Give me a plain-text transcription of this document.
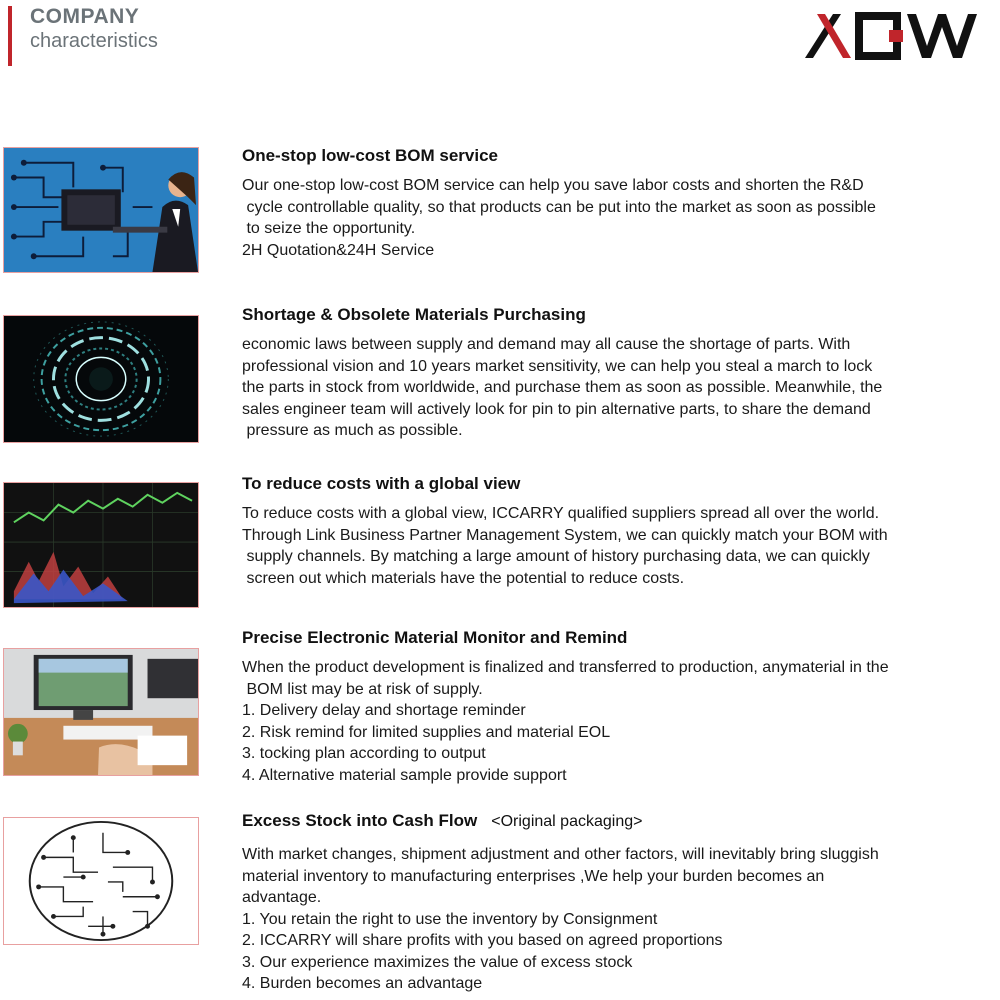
COMPANY
characteristics
One-stop low-cost BOM service
Our one-stop low-cost BOM service can help you save labor costs and shorten the R&D
cycle controllable quality, so that products can be put into the market as soon as possible
to seize the opportunity.
2H Quotation&24H Service
Shortage & Obsolete Materials Purchasing
economic laws between supply and demand may all cause the shortage of parts. With
professional vision and 10 years market sensitivity, we can help you steal a march to lock
the parts in stock from worldwide, and purchase them as soon as possible. Meanwhile, the
sales engineer team will actively look for pin to pin alternative parts, to share the demand
pressure as much as possible.
To reduce costs with a global view
To reduce costs with a global view, ICCARRY qualified suppliers spread all over the world.
Through Link Business Partner Management System, we can quickly match your BOM with
supply channels. By matching a large amount of history purchasing data, we can quickly
screen out which materials have the potential to reduce costs.
Precise Electronic Material Monitor and Remind
When the product development is finalized and transferred to production, anymaterial in the
BOM list may be at risk of supply.
1. Delivery delay and shortage reminder
2. Risk remind for limited supplies and material EOL
3. tocking plan according to output
4. Alternative material sample provide support
Excess Stock into Cash Flow <Original packaging>
With market changes, shipment adjustment and other factors, will inevitably bring sluggish
material inventory to manufacturing enterprises ,We help your burden becomes an
advantage.
1. You retain the right to use the inventory by Consignment
2. ICCARRY will share profits with you based on agreed proportions
3. Our experience maximizes the value of excess stock
4. Burden becomes an advantage
